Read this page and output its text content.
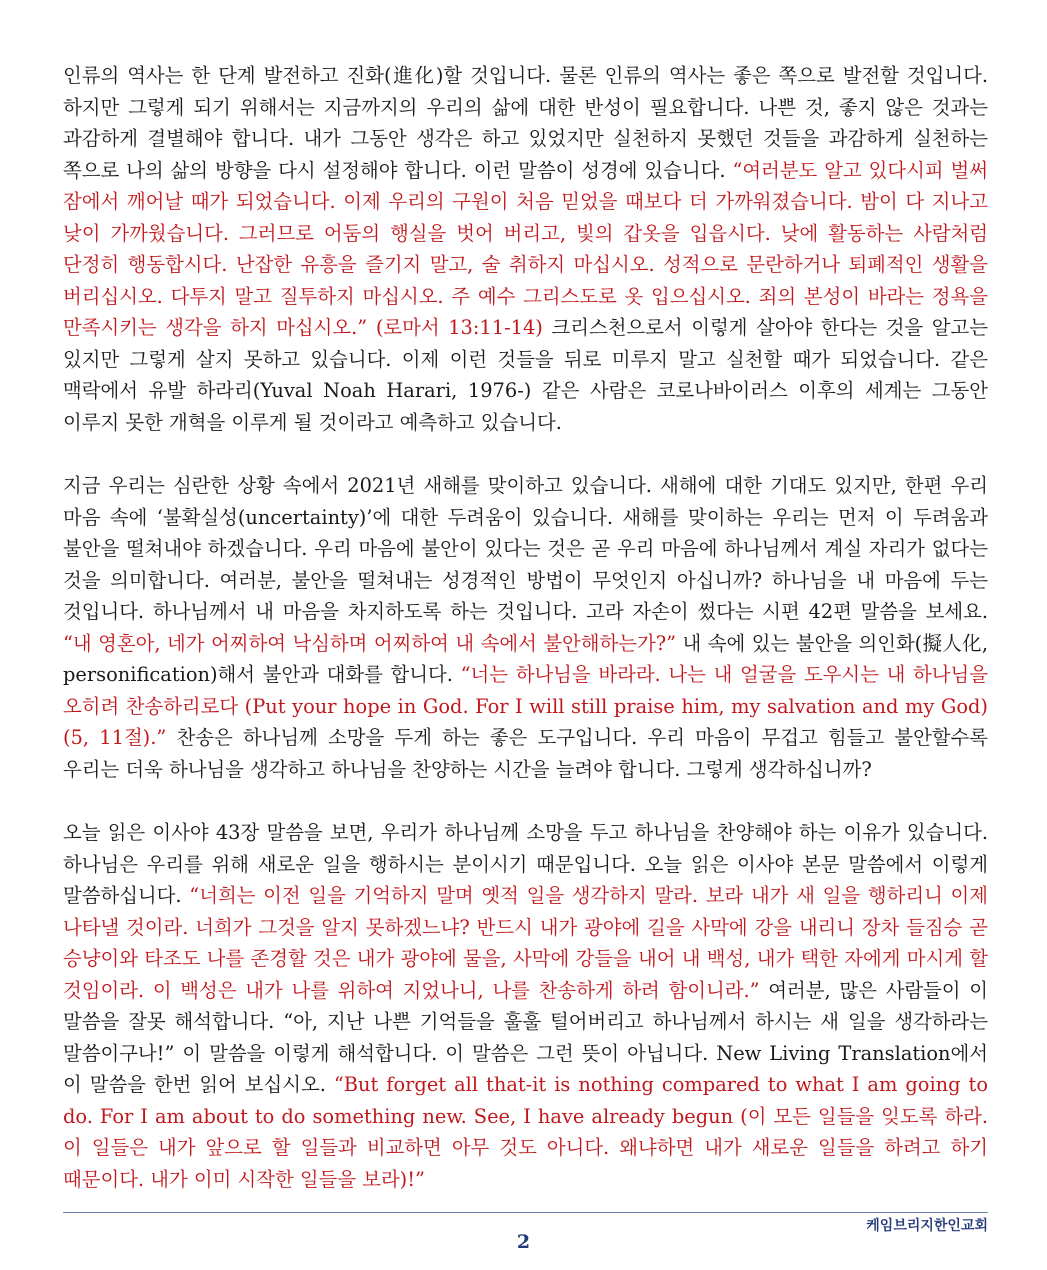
인류의 역사는 한 단계 발전하고 진화(進化)할 것입니다. 물론 인류의 역사는 좋은 쪽으로 발전할 것입니다. 하지만 그렇게 되기 위해서는 지금까지의 우리의 삶에 대한 반성이 필요합니다. 나쁜 것, 좋지 않은 것과는 과감하게 결별해야 합니다. 내가 그동안 생각은 하고 있었지만 실천하지 못했던 것들을 과감하게 실천하는 쪽으로 나의 삶의 방향을 다시 설정해야 합니다. 이런 말씀이 성경에 있습니다. “여러분도 알고 있다시피 벌써 잠에서 깨어날 때가 되었습니다. 이제 우리의 구원이 처음 믿었을 때보다 더 가까워졌습니다. 밤이 다 지나고 낮이 가까웠습니다. 그러므로 어둠의 행실을 벗어 버리고, 빛의 갑옷을 입읍시다. 낮에 활동하는 사람처럼 단정히 행동합시다. 난잡한 유흥을 즐기지 말고, 술 취하지 마십시오. 성적으로 문란하거나 퇴폐적인 생활을 버리십시오. 다투지 말고 질투하지 마십시오. 주 예수 그리스도로 옷 입으십시오. 죄의 본성이 바라는 정욕을 만족시키는 생각을 하지 마십시오.” (로마서 13:11-14) 크리스천으로서 이렇게 살아야 한다는 것을 알고는 있지만 그렇게 살지 못하고 있습니다. 이제 이런 것들을 뒤로 미루지 말고 실천할 때가 되었습니다. 같은 맥락에서 유발 하라리(Yuval Noah Harari, 1976-) 같은 사람은 코로나바이러스 이후의 세계는 그동안 이루지 못한 개혁을 이루게 될 것이라고 예측하고 있습니다.

지금 우리는 심란한 상황 속에서 2021년 새해를 맞이하고 있습니다. 새해에 대한 기대도 있지만, 한편 우리 마음 속에 ‘불확실성(uncertainty)’에 대한 두려움이 있습니다. 새해를 맞이하는 우리는 먼저 이 두려움과 불안을 떨쳐내야 하겠습니다. 우리 마음에 불안이 있다는 것은 곧 우리 마음에 하나님께서 계실 자리가 없다는 것을 의미합니다. 여러분, 불안을 떨쳐내는 성경적인 방법이 무엇인지 아십니까? 하나님을 내 마음에 두는 것입니다. 하나님께서 내 마음을 차지하도록 하는 것입니다. 고라 자손이 썼다는 시편 42편 말씀을 보세요. “내 영혼아, 네가 어찌하여 낙심하며 어찌하여 내 속에서 불안해하는가?” 내 속에 있는 불안을 의인화(擬人化, personification)해서 불안과 대화를 합니다. “너는 하나님을 바라라. 나는 내 얼굴을 도우시는 내 하나님을 오히려 찬송하리로다 (Put your hope in God. For I will still praise him, my salvation and my God) (5, 11절).” 찬송은 하나님께 소망을 두게 하는 좋은 도구입니다. 우리 마음이 무겁고 힘들고 불안할수록 우리는 더욱 하나님을 생각하고 하나님을 찬양하는 시간을 늘려야 합니다. 그렇게 생각하십니까?

오늘 읽은 이사야 43장 말씀을 보면, 우리가 하나님께 소망을 두고 하나님을 찬양해야 하는 이유가 있습니다. 하나님은 우리를 위해 새로운 일을 행하시는 분이시기 때문입니다. 오늘 읽은 이사야 본문 말씀에서 이렇게 말씀하십니다. “너희는 이전 일을 기억하지 말며 옛적 일을 생각하지 말라. 보라 내가 새 일을 행하리니 이제 나타낼 것이라. 너희가 그것을 알지 못하겠느냐? 반드시 내가 광야에 길을 사막에 강을 내리니 장차 들짐승 곧 승냥이와 타조도 나를 존경할 것은 내가 광야에 물을, 사막에 강들을 내어 내 백성, 내가 택한 자에게 마시게 할 것임이라. 이 백성은 내가 나를 위하여 지었나니, 나를 찬송하게 하려 함이니라.” 여러분, 많은 사람들이 이 말씀을 잘못 해석합니다. “아, 지난 나쁜 기억들을 훌훌 털어버리고 하나님께서 하시는 새 일을 생각하라는 말씀이구나!” 이 말씀을 이렇게 해석합니다. 이 말씀은 그런 뜻이 아닙니다. New Living Translation에서 이 말씀을 한번 읽어 보십시오. “But forget all that-it is nothing compared to what I am going to do. For I am about to do something new. See, I have already begun (이 모든 일들을 잊도록 하라. 이 일들은 내가 앞으로 할 일들과 비교하면 아무 것도 아니다. 왜냐하면 내가 새로운 일들을 하려고 하기 때문이다. 내가 이미 시작한 일들을 보라)!”

케임브리지한인교회
2
